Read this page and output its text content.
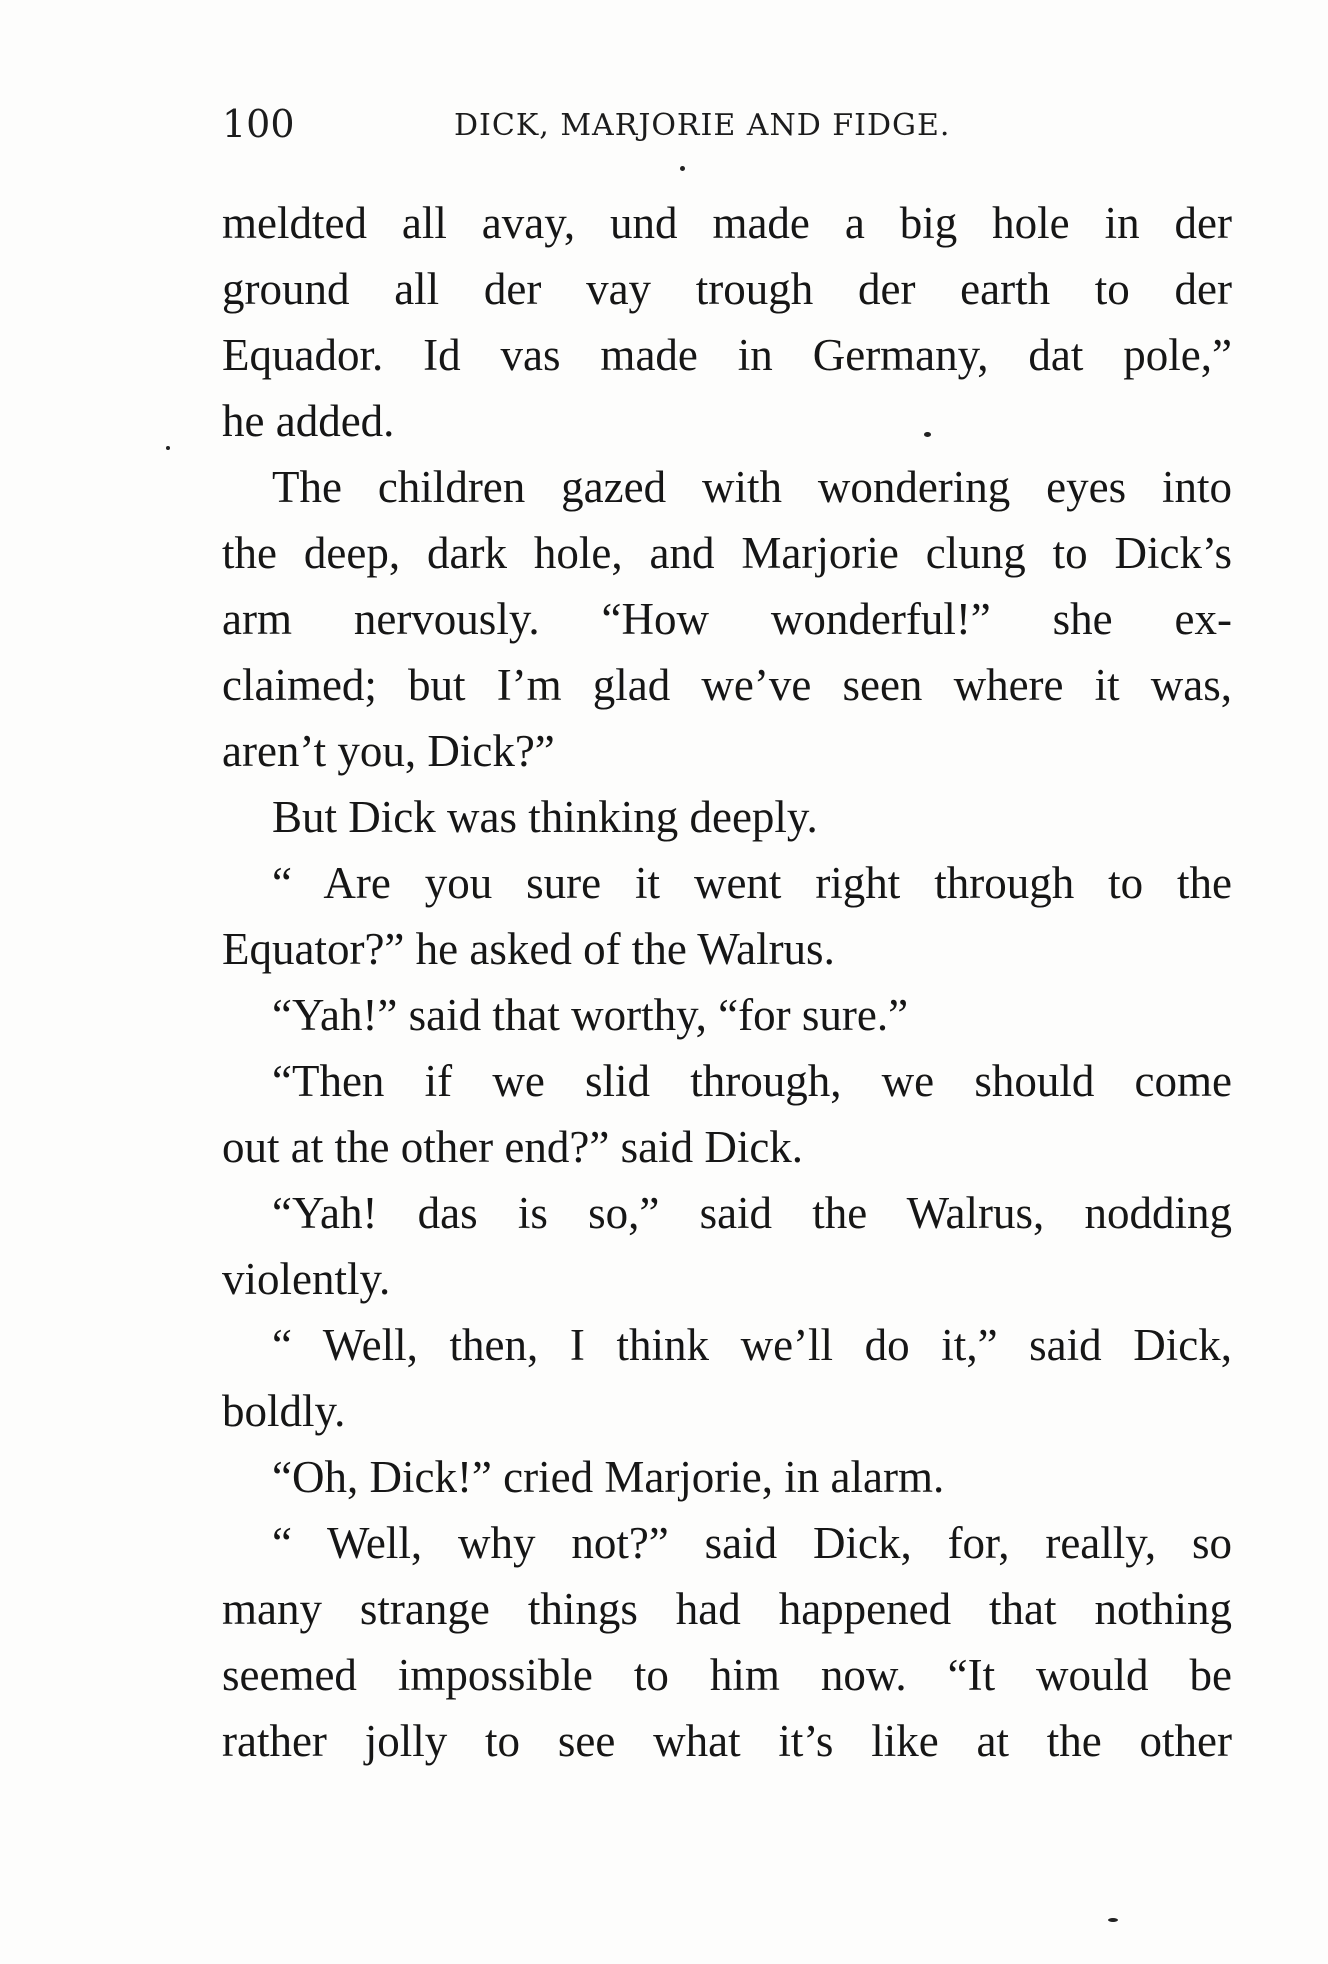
100	DICK, MARJORIE AND FIDGE.
meldted all avay, und made a big hole in der
ground all der vay trough der earth to der
Equador. Id vas made in Germany, dat pole,”
he added.
The children gazed with wondering eyes into
the deep, dark hole, and Marjorie clung to Dick’s
arm nervously. “How wonderful!” she ex-
claimed; but I’m glad we’ve seen where it was,
aren’t you, Dick?”
But Dick was thinking deeply.
“ Are you sure it went right through to the
Equator?” he asked of the Walrus.
“Yah!” said that worthy, “for sure.”
“Then if we slid through, we should come
out at the other end?” said Dick.
“Yah! das is so,” said the Walrus, nodding
violently.
“ Well, then, I think we’ll do it,” said Dick,
boldly.
“Oh, Dick!” cried Marjorie, in alarm.
“ Well, why not?” said Dick, for, really, so
many strange things had happened that nothing
seemed impossible to him now. “It would be
rather jolly to see what it’s like at the other
